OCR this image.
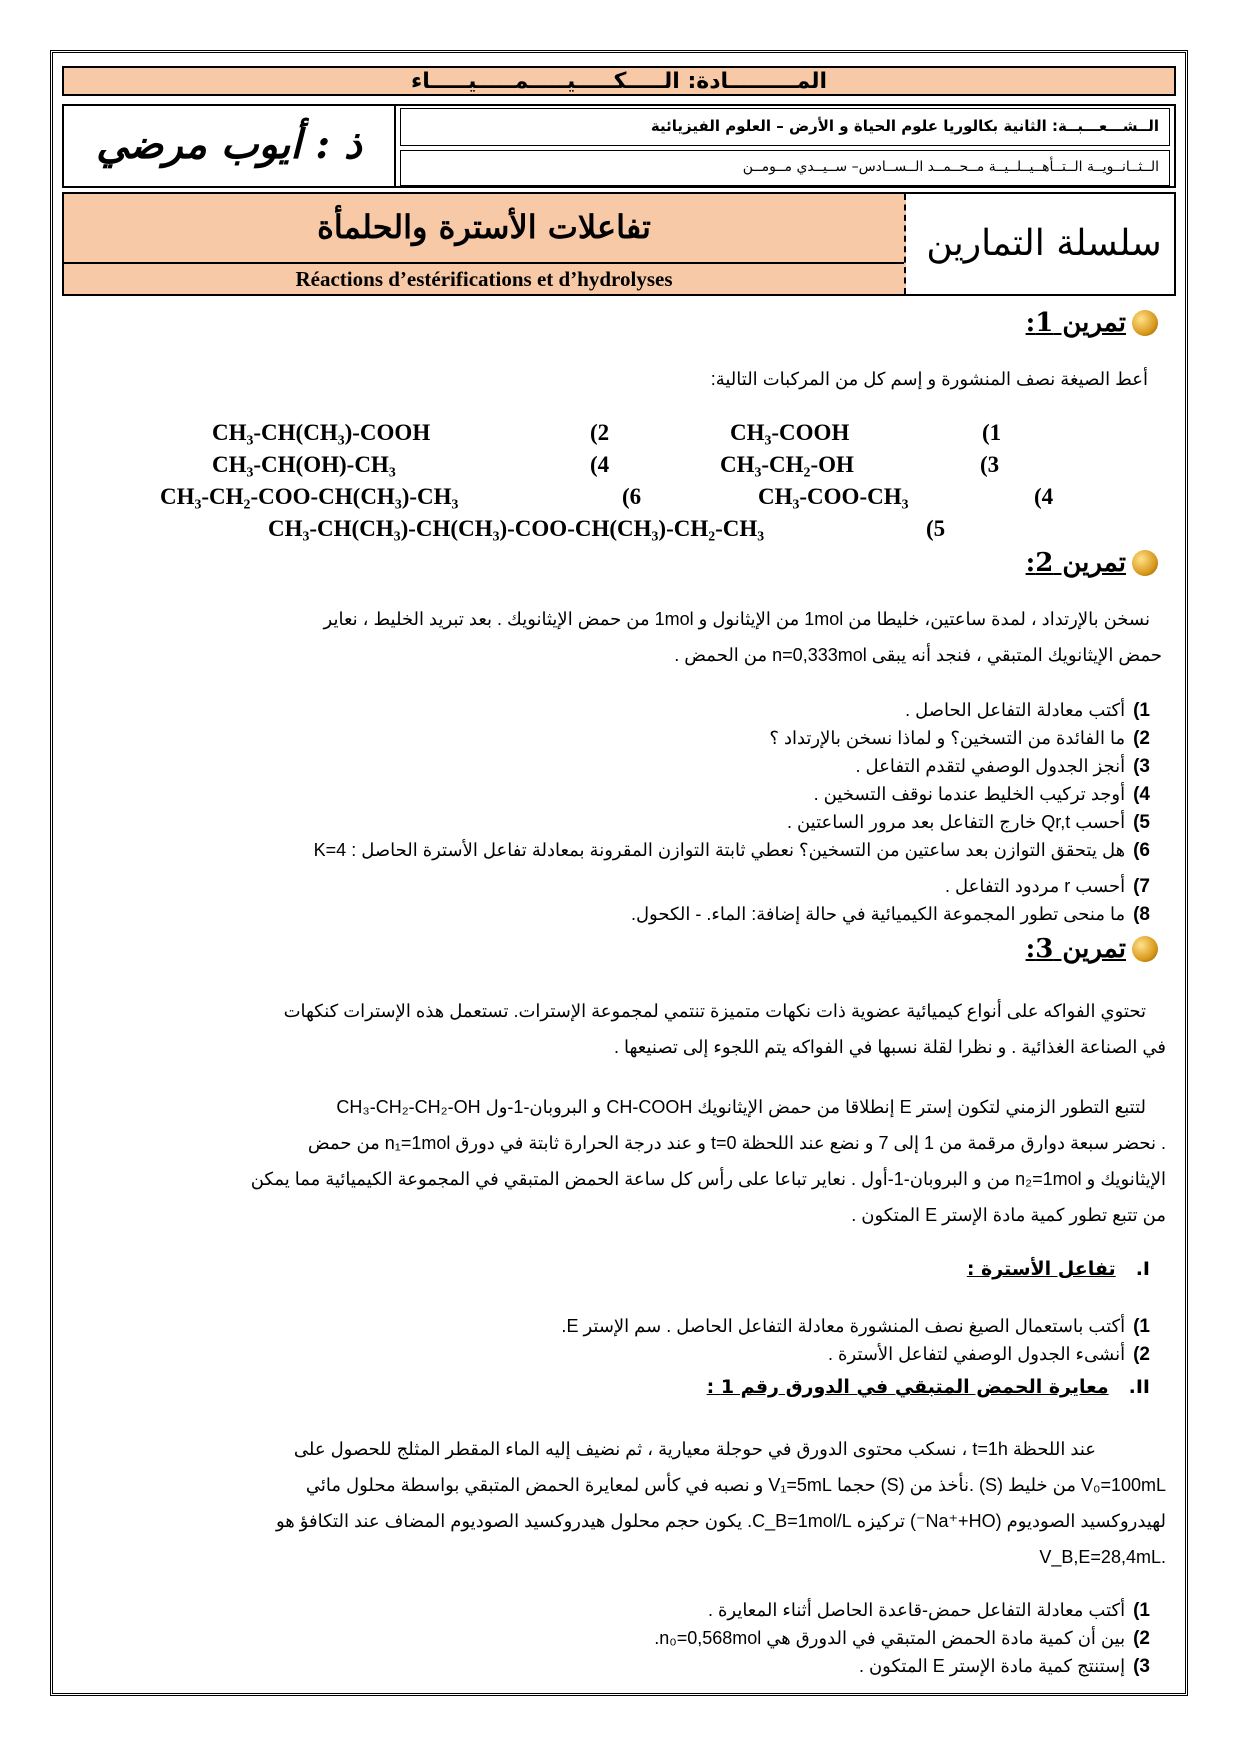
المـــــــــادة: الـــــكـــــيـــــمـــــيـــــاء
ذ : أيوب مرضي	الــشـــعـــبــة: الثانية بكالوريا علوم الحياة و الأرض – العلوم الفيزيائية
الــثــانــويــة الــتــأهــيــلــيــة مــحــمــد الــســادس– ســيــدي مــومــن
تفاعلات الأسترة والحلمأة
Réactions d’estérifications et d’hydrolyses
سلسلة التمارين
تمرين 1:
أعط الصيغة نصف المنشورة و إسم كل من المركبات التالية:
(1
CH₃-COOH
(2
CH₃-CH(CH₃)-COOH
(3
CH₃-CH₂-OH
(4
CH₃-CH(OH)-CH₃
(4
CH₃-COO-CH₃
(6
CH₃-CH₂-COO-CH(CH₃)-CH₃
(5
CH₃-CH(CH₃)-CH(CH₃)-COO-CH(CH₃)-CH₂-CH₃
تمرين 2:
نسخن بالإرتداد ، لمدة ساعتين، خليطا من 1mol من الإيثانول و 1mol من حمض الإيثانويك . بعد تبريد الخليط ، نعاير
حمض الإيثانويك المتبقي ، فنجد أنه يبقى n=0,333mol من الحمض .
1)أكتب معادلة التفاعل الحاصل .
2)ما الفائدة من التسخين؟ و لماذا نسخن بالإرتداد ؟
3)أنجز الجدول الوصفي لتقدم التفاعل .
4)أوجد تركيب الخليط عندما نوقف التسخين .
5)أحسب Qr,t خارج التفاعل بعد مرور الساعتين .
6)هل يتحقق التوازن بعد ساعتين من التسخين؟ نعطي ثابتة التوازن المقرونة بمعادلة تفاعل الأسترة الحاصل : K=4
7)أحسب r مردود التفاعل .
8)ما منحى تطور المجموعة الكيميائية في حالة إضافة: الماء. - الكحول.
تمرين 3:
تحتوي الفواكه على أنواع كيميائية عضوية ذات نكهات متميزة تنتمي لمجموعة الإسترات. تستعمل هذه الإسترات كنكهات
في الصناعة الغذائية . و نظرا لقلة نسبها في الفواكه يتم اللجوء إلى تصنيعها .
لتتبع التطور الزمني لتكون إستر E إنطلاقا من حمض الإيثانويك CH-COOH و البروبان-1-ول CH₃-CH₂-CH₂-OH
. نحضر سبعة دوارق مرقمة من 1 إلى 7 و نضع عند اللحظة t=0 و عند درجة الحرارة ثابتة في دورق n₁=1mol من حمض
الإيثانويك و n₂=1mol من و البروبان-1-أول . نعاير تباعا على رأس كل ساعة الحمض المتبقي في المجموعة الكيميائية مما يمكن
من تتبع تطور كمية مادة الإستر E المتكون .
I.تفاعل الأسترة :
1)أكتب باستعمال الصيغ نصف المنشورة معادلة التفاعل الحاصل . سم الإستر E.
2)أنشىء الجدول الوصفي لتفاعل الأسترة .
II.معايرة الحمض المتبقي في الدورق رقم 1 :
عند اللحظة t=1h ، نسكب محتوى الدورق في حوجلة معيارية ، ثم نضيف إليه الماء المقطر المثلج للحصول على
V₀=100mL من خليط (S) .نأخذ من (S) حجما V₁=5mL و نصبه في كأس لمعايرة الحمض المتبقي بواسطة محلول مائي
لهيدروكسيد الصوديوم (Na⁺+HO⁻) تركيزه C_B=1mol/L. يكون حجم محلول هيدروكسيد الصوديوم المضاف عند التكافؤ هو
.V_B,E=28,4mL
1)أكتب معادلة التفاعل حمض-قاعدة الحاصل أثناء المعايرة .
2)بين أن كمية مادة الحمض المتبقي في الدورق هي n₀=0,568mol.
3)إستنتج كمية مادة الإستر E المتكون .
